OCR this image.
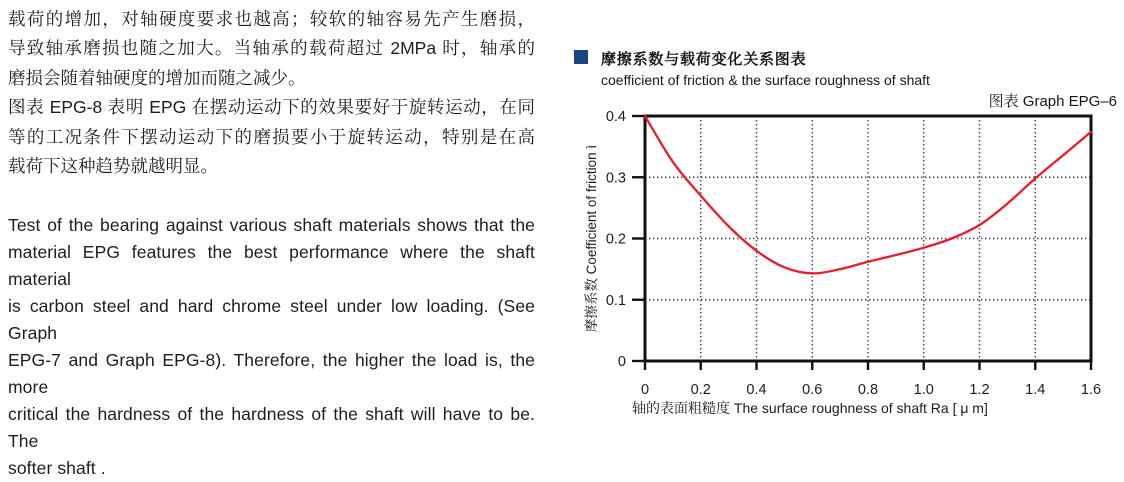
载荷的增加，对轴硬度要求也越高；较软的轴容易先产生磨损，
导致轴承磨损也随之加大。当轴承的载荷超过 2MPa 时，轴承的
磨损会随着轴硬度的增加而随之减少。
图表 EPG-8 表明 EPG 在摆动运动下的效果要好于旋转运动，在同
等的工况条件下摆动运动下的磨损要小于旋转运动，特别是在高
载荷下这种趋势就越明显。
Test of the bearing against various shaft materials shows that the
material EPG features the best performance where the shaft material
is carbon steel and hard chrome steel under low loading. (See Graph
EPG-7 and Graph EPG-8). Therefore, the higher the load is, the more
critical the hardness of the hardness of the shaft will have to be. The
softer shaft .
摩擦系数与载荷变化关系图表
coefficient of friction & the surface roughness of shaft
图表 Graph EPG–6
0	0.2 0.4 0.6 0.8 1.0 1.2 1.4 1.6
0.4
0.3
0.2
0.1
0
轴的表面粗糙度 The surface roughness of shaft Ra [ μ m]
摩擦系数 Coefficient of friction ì
